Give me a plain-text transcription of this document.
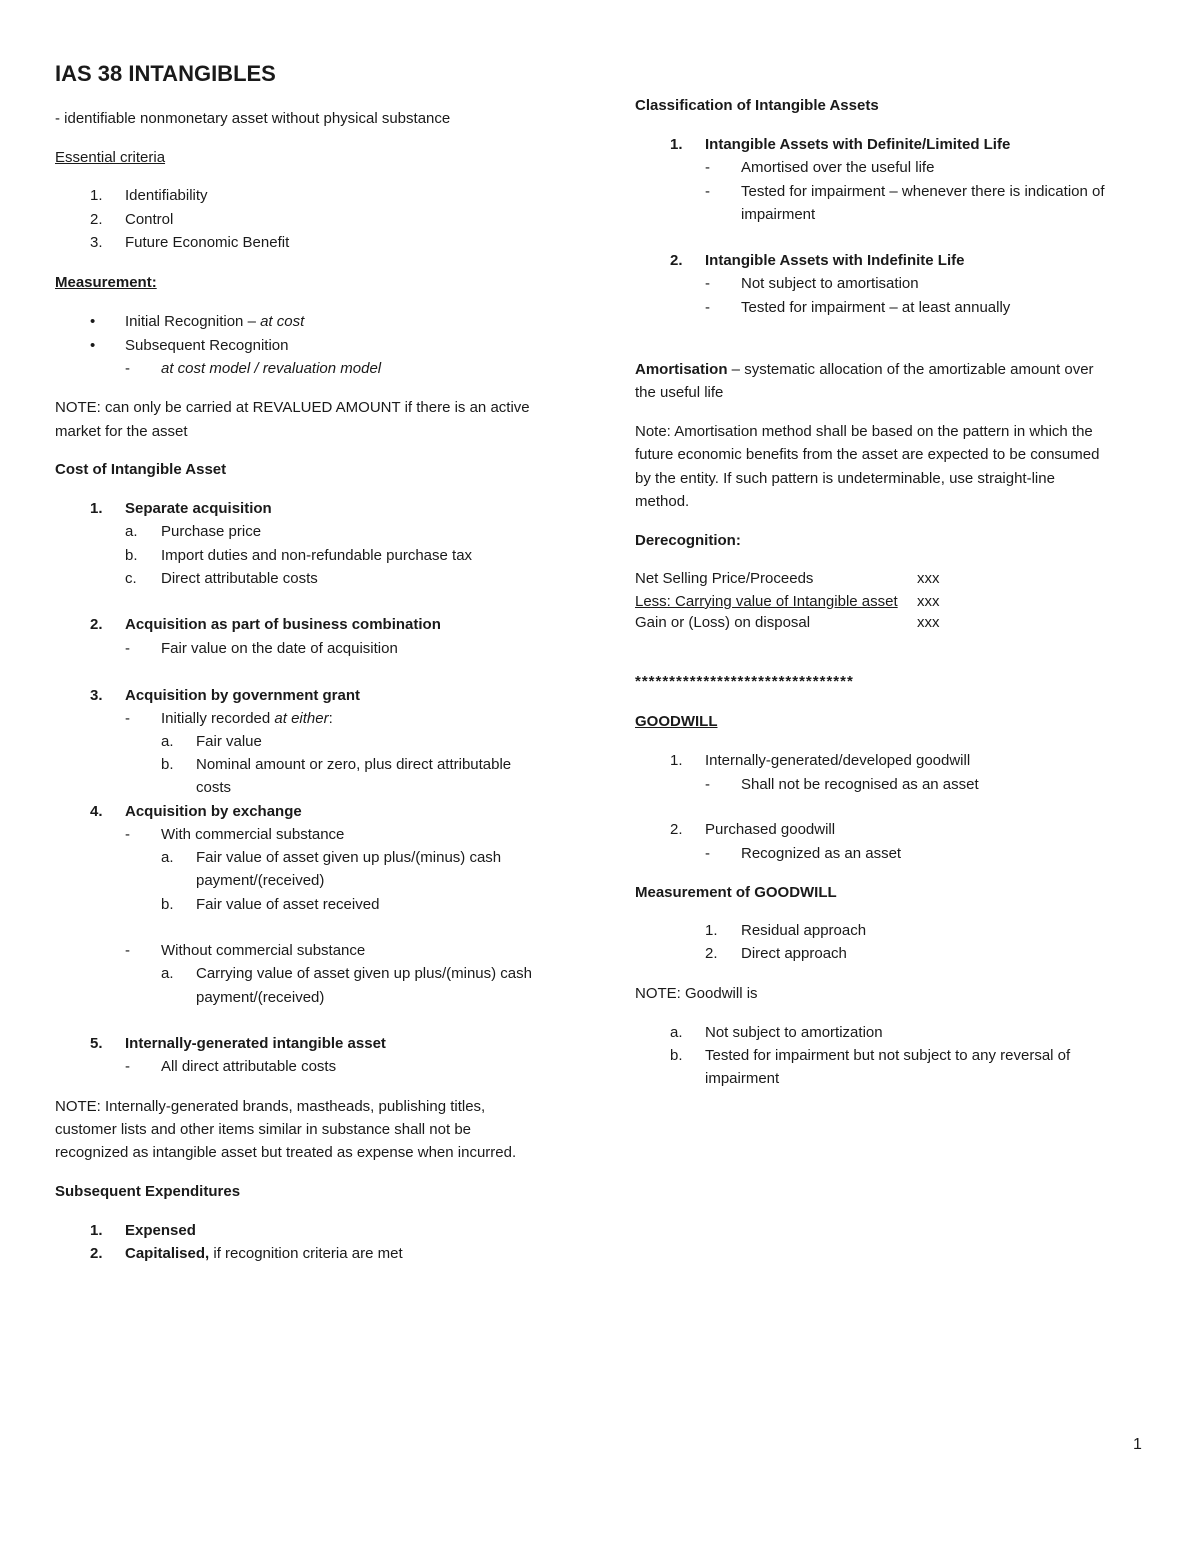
IAS 38 INTANGIBLES
- identifiable nonmonetary asset without physical substance
Essential criteria
1.	Identifiability
2.	Control
3.	Future Economic Benefit
Measurement:
•	Initial Recognition – at cost
•	Subsequent Recognition
-	at cost model / revaluation model
NOTE: can only be carried at REVALUED AMOUNT if there is an active
market for the asset
Cost of Intangible Asset
1.	Separate acquisition
a.	Purchase price
b.	Import duties and non-refundable purchase tax
c.	Direct attributable costs
2.	Acquisition as part of business combination
-	Fair value on the date of acquisition
3.	Acquisition by government grant
-	Initially recorded at either:
a.	Fair value
b.	Nominal amount or zero, plus direct attributable
costs
4.	Acquisition by exchange
-	With commercial substance
a.	Fair value of asset given up plus/(minus) cash
payment/(received)
b.	Fair value of asset received
-	Without commercial substance
a.	Carrying value of asset given up plus/(minus) cash
payment/(received)
5.	Internally-generated intangible asset
-	All direct attributable costs
NOTE: Internally-generated brands, mastheads, publishing titles,
customer lists and other items similar in substance shall not be
recognized as intangible asset but treated as expense when incurred.
Subsequent Expenditures
1.	Expensed
2.	Capitalised, if recognition criteria are met
Classification of Intangible Assets
1.	Intangible Assets with Definite/Limited Life
-	Amortised over the useful life
-	Tested for impairment – whenever there is indication of
impairment
2.	Intangible Assets with Indefinite Life
-	Not subject to amortisation
-	Tested for impairment – at least annually
Amortisation – systematic allocation of the amortizable amount over
the useful life
Note: Amortisation method shall be based on the pattern in which the
future economic benefits from the asset are expected to be consumed
by the entity. If such pattern is undeterminable, use straight-line
method.
Derecognition:
Net Selling Price/Proceeds	xxx
Less: Carrying value of Intangible asset xxx
Gain or (Loss) on disposal	xxx
********************************
GOODWILL
1.	Internally-generated/developed goodwill
-	Shall not be recognised as an asset
2.	Purchased goodwill
-	Recognized as an asset
Measurement of GOODWILL
1.	Residual approach
2.	Direct approach
NOTE: Goodwill is
a.	Not subject to amortization
b.	Tested for impairment but not subject to any reversal of
impairment
1
